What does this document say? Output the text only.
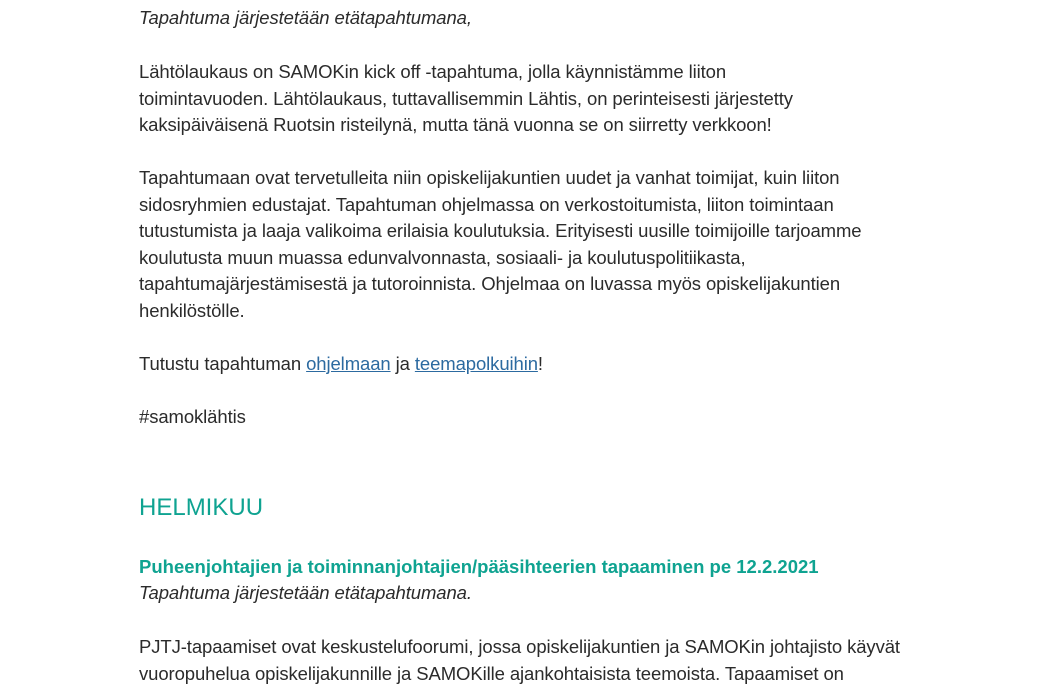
Tapahtuma järjestetään etätapahtumana,
Lähtölaukaus on SAMOKin kick off -tapahtuma, jolla käynnistämme liiton
toimintavuoden. Lähtölaukaus, tuttavallisemmin Lähtis, on perinteisesti järjestetty
kaksipäiväisenä Ruotsin risteilynä, mutta tänä vuonna se on siirretty verkkoon!
Tapahtumaan ovat tervetulleita niin opiskelijakuntien uudet ja vanhat toimijat, kuin liiton
sidosryhmien edustajat. Tapahtuman ohjelmassa on verkostoitumista, liiton toimintaan
tutustumista ja laaja valikoima erilaisia koulutuksia. Erityisesti uusille toimijoille tarjoamme
koulutusta muun muassa edunvalvonnasta, sosiaali- ja koulutuspolitiikasta,
tapahtumajärjestämisestä ja tutoroinnista. Ohjelmaa on luvassa myös opiskelijakuntien
henkilöstölle.
Tutustu tapahtuman ohjelmaan ja teemapolkuihin!
#samoklähtis
HELMIKUU
Puheenjohtajien ja toiminnanjohtajien/pääsihteerien tapaaminen pe 12.2.2021
Tapahtuma järjestetään etätapahtumana.
PJTJ-tapaamiset ovat keskustelufoorumi, jossa opiskelijakuntien ja SAMOKin johtajisto käyvät
vuoropuhelua opiskelijakunnille ja SAMOKille ajankohtaisista teemoista. Tapaamiset on
